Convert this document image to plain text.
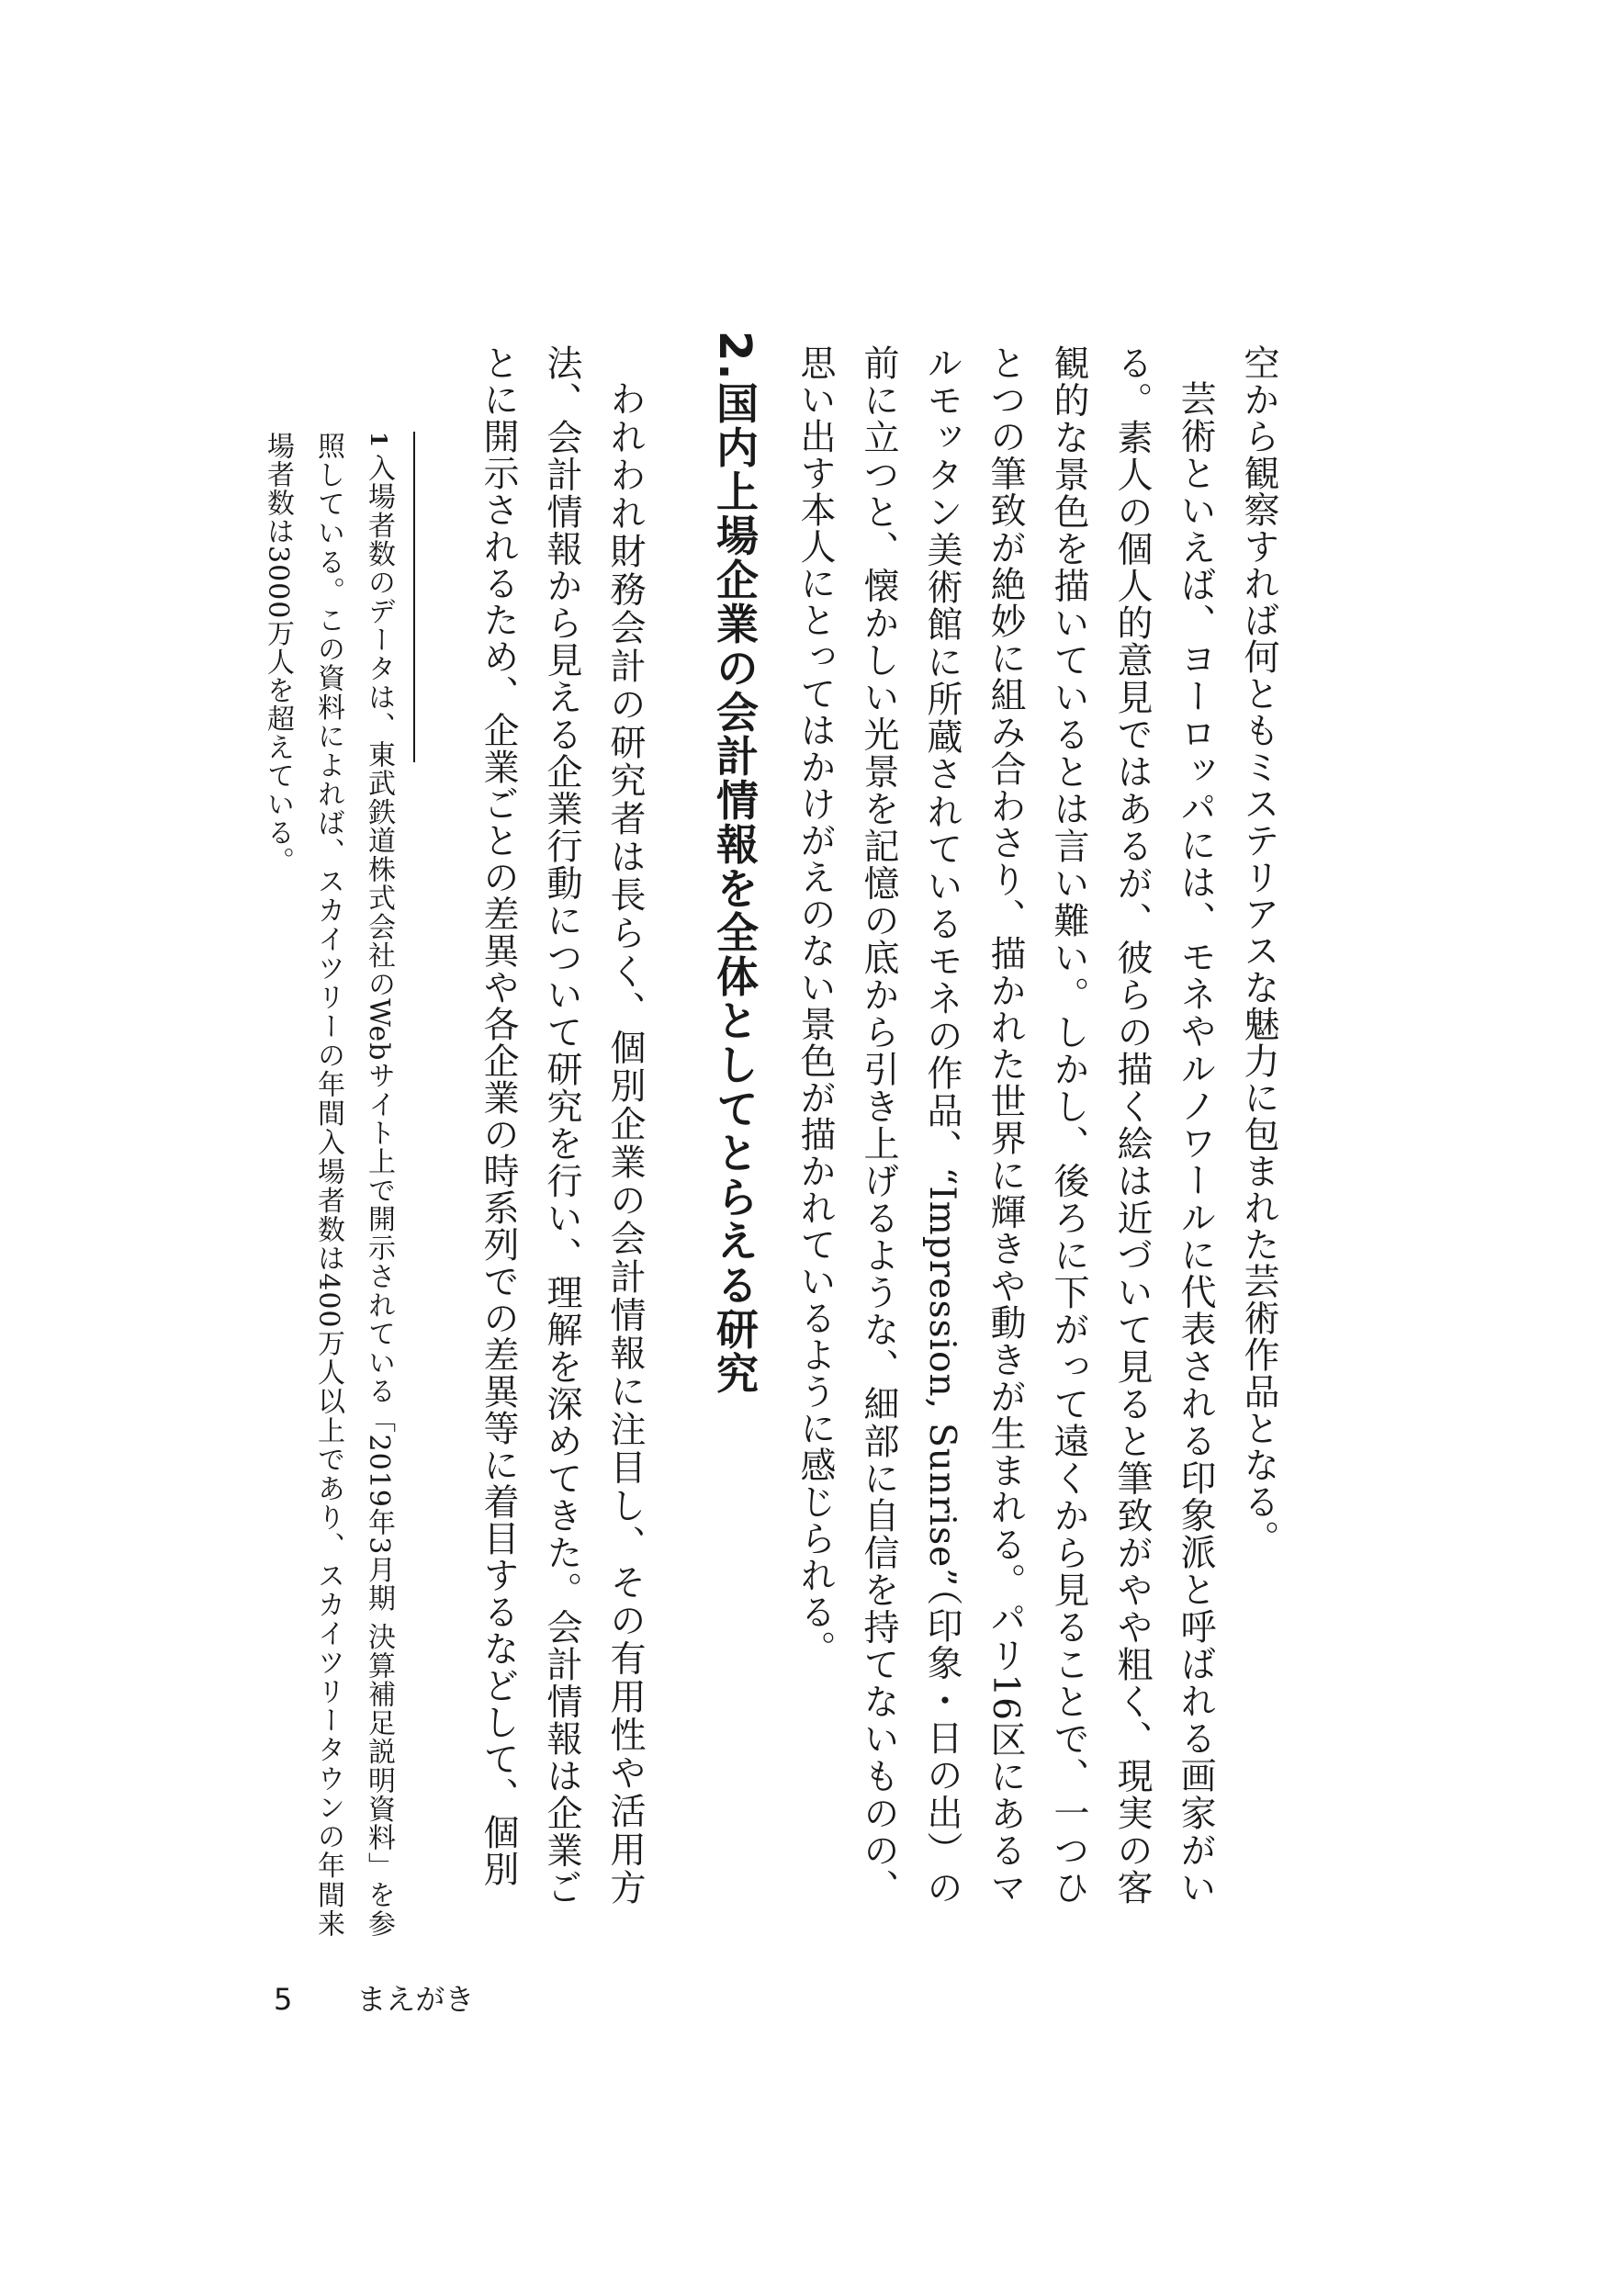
空から観察すれば何ともミステリアスな魅力に包まれた芸術作品となる。

芸術といえば、ヨーロッパには、モネやルノワールに代表される印象派と呼ばれる画家がいる。素人の個人的意見ではあるが、彼らの描く絵は近づいて見ると筆致がやや粗く、現実の客観的な景色を描いているとは言い難い。しかし、後ろに下がって遠くから見ることで、一つひとつの筆致が絶妙に組み合わさり、描かれた世界に輝きや動きが生まれる。パリ16区にあるマルモッタン美術館に所蔵されているモネの作品、“Impression, Sunrise”（印象・日の出）の前に立つと、懐かしい光景を記憶の底から引き上げるような、細部に自信を持てないものの、思い出す本人にとってはかけがえのない景色が描かれているように感じられる。

2.国内上場企業の会計情報を全体としてとらえる研究

われわれ財務会計の研究者は長らく、個別企業の会計情報に注目し、その有用性や活用方法、会計情報から見える企業行動について研究を行い、理解を深めてきた。会計情報は企業ごとに開示されるため、企業ごとの差異や各企業の時系列での差異等に着目するなどして、個別

1入場者数のデータは、東武鉄道株式会社のWebサイト上で開示されている「2019年3月期 決算補足説明資料」を参照している。この資料によれば、スカイツリーの年間入場者数は400万人以上であり、スカイツリータウンの年間来場者数は3000万人を超えている。
5 まえがき
